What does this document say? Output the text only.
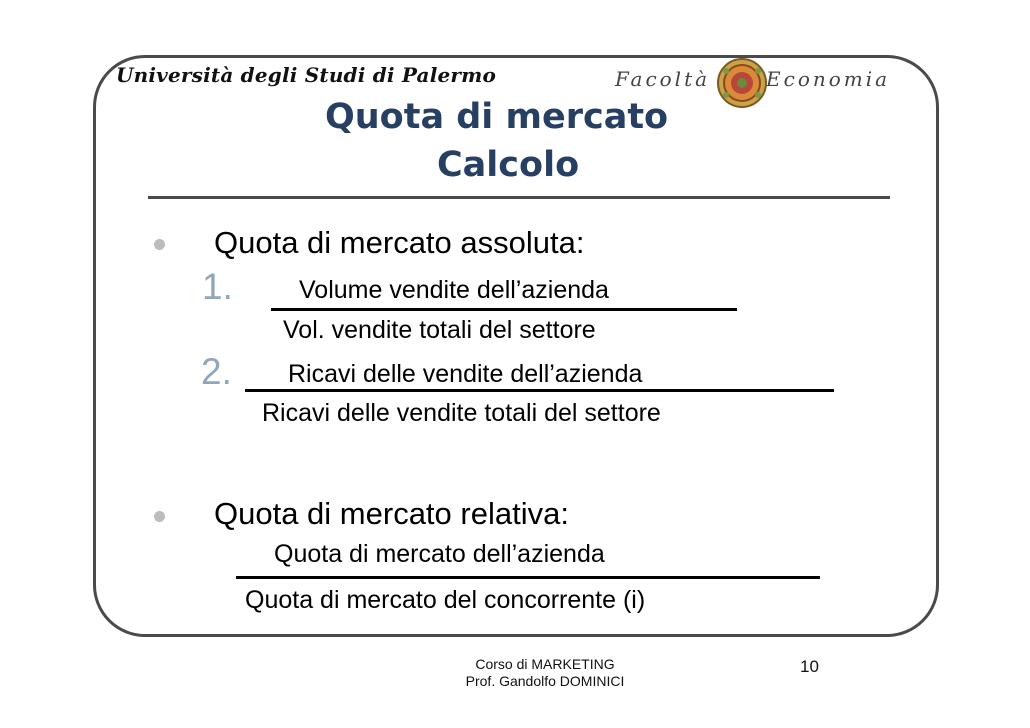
Università degli Studi di Palermo	Facoltà	Economia
Quota di mercato
Calcolo
Quota di mercato assoluta:
1.	Volume vendite dell’azienda
Vol. vendite totali del settore
2. Ricavi delle vendite dell’azienda
Ricavi delle vendite totali del settore
Quota di mercato relativa:
Quota di mercato dell’azienda
Quota di mercato del concorrente (i)
Corso di MARKETING
Prof. Gandolfo DOMINICI
10
